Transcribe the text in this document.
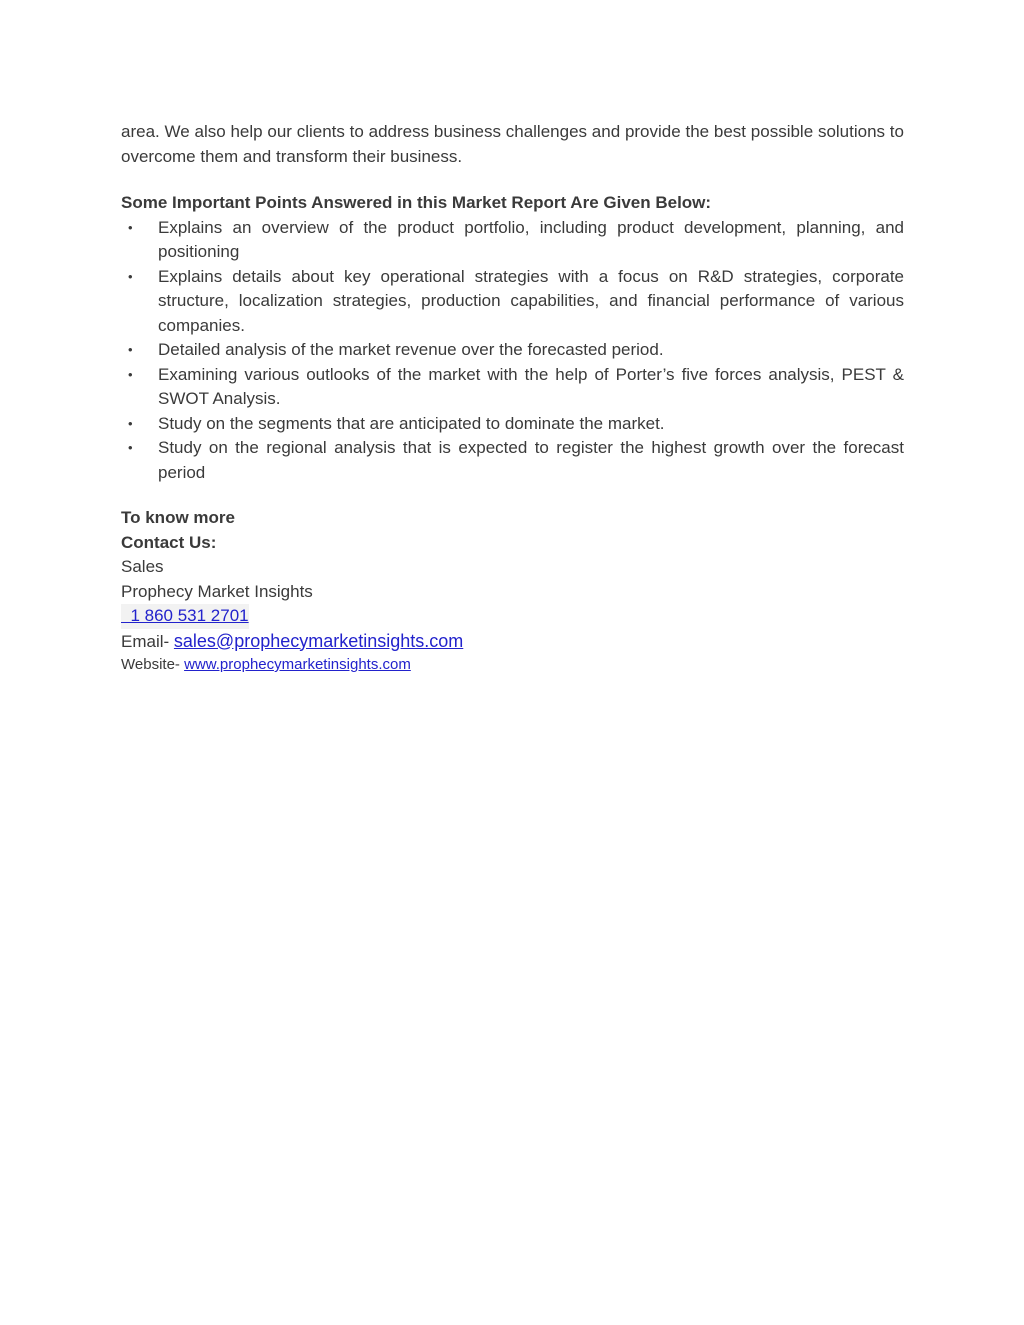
area. We also help our clients to address business challenges and provide the best possible solutions to overcome them and transform their business.

Some Important Points Answered in this Market Report Are Given Below:

• Explains an overview of the product portfolio, including product development, planning, and positioning
• Explains details about key operational strategies with a focus on R&D strategies, corporate structure, localization strategies, production capabilities, and financial performance of various companies.
• Detailed analysis of the market revenue over the forecasted period.
• Examining various outlooks of the market with the help of Porter’s five forces analysis, PEST & SWOT Analysis.
• Study on the segments that are anticipated to dominate the market.
• Study on the regional analysis that is expected to register the highest growth over the forecast period
To know more
Contact Us:
Sales
Prophecy Market Insights
1 860 531 2701
Email- sales@prophecymarketinsights.com
Website- www.prophecymarketinsights.com
